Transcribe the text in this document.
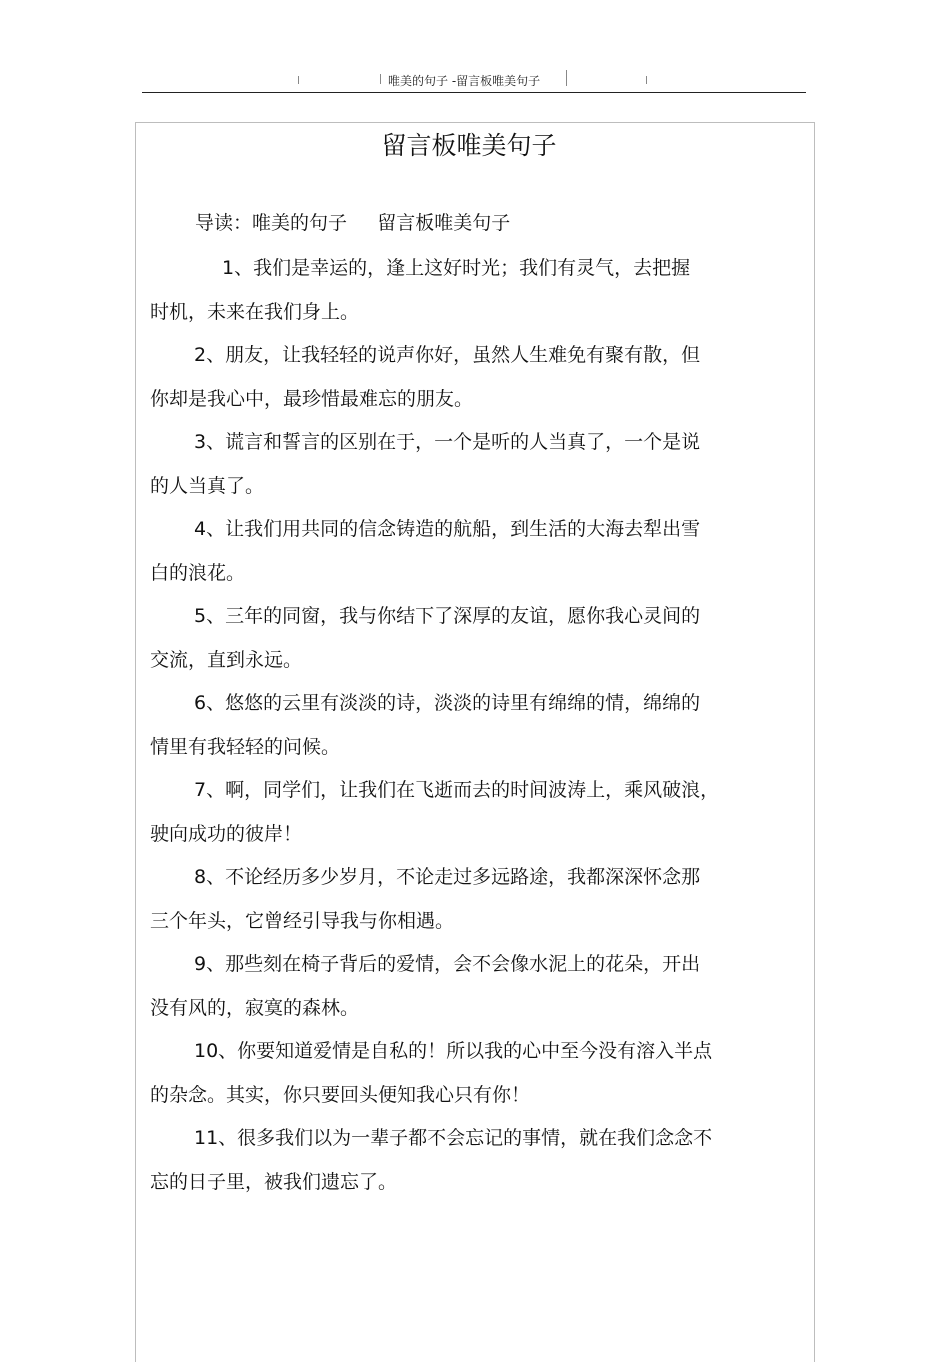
唯美的句子 -留言板唯美句子
留言板唯美句子
导读：唯美的句子     留言板唯美句子
1、我们是幸运的，逢上这好时光；我们有灵气，去把握
时机，未来在我们身上。
2、朋友，让我轻轻的说声你好，虽然人生难免有聚有散，但
你却是我心中，最珍惜最难忘的朋友。
3、谎言和誓言的区别在于，一个是听的人当真了，一个是说
的人当真了。
4、让我们用共同的信念铸造的航船，到生活的大海去犁出雪
白的浪花。
5、三年的同窗，我与你结下了深厚的友谊，愿你我心灵间的
交流，直到永远。
6、悠悠的云里有淡淡的诗，淡淡的诗里有绵绵的情，绵绵的
情里有我轻轻的问候。
7、啊，同学们，让我们在飞逝而去的时间波涛上，乘风破浪，
驶向成功的彼岸！
8、不论经历多少岁月，不论走过多远路途，我都深深怀念那
三个年头，它曾经引导我与你相遇。
9、那些刻在椅子背后的爱情，会不会像水泥上的花朵，开出
没有风的，寂寞的森林。
10、你要知道爱情是自私的！所以我的心中至今没有溶入半点
的杂念。其实，你只要回头便知我心只有你！
11、很多我们以为一辈子都不会忘记的事情，就在我们念念不
忘的日子里，被我们遗忘了。
